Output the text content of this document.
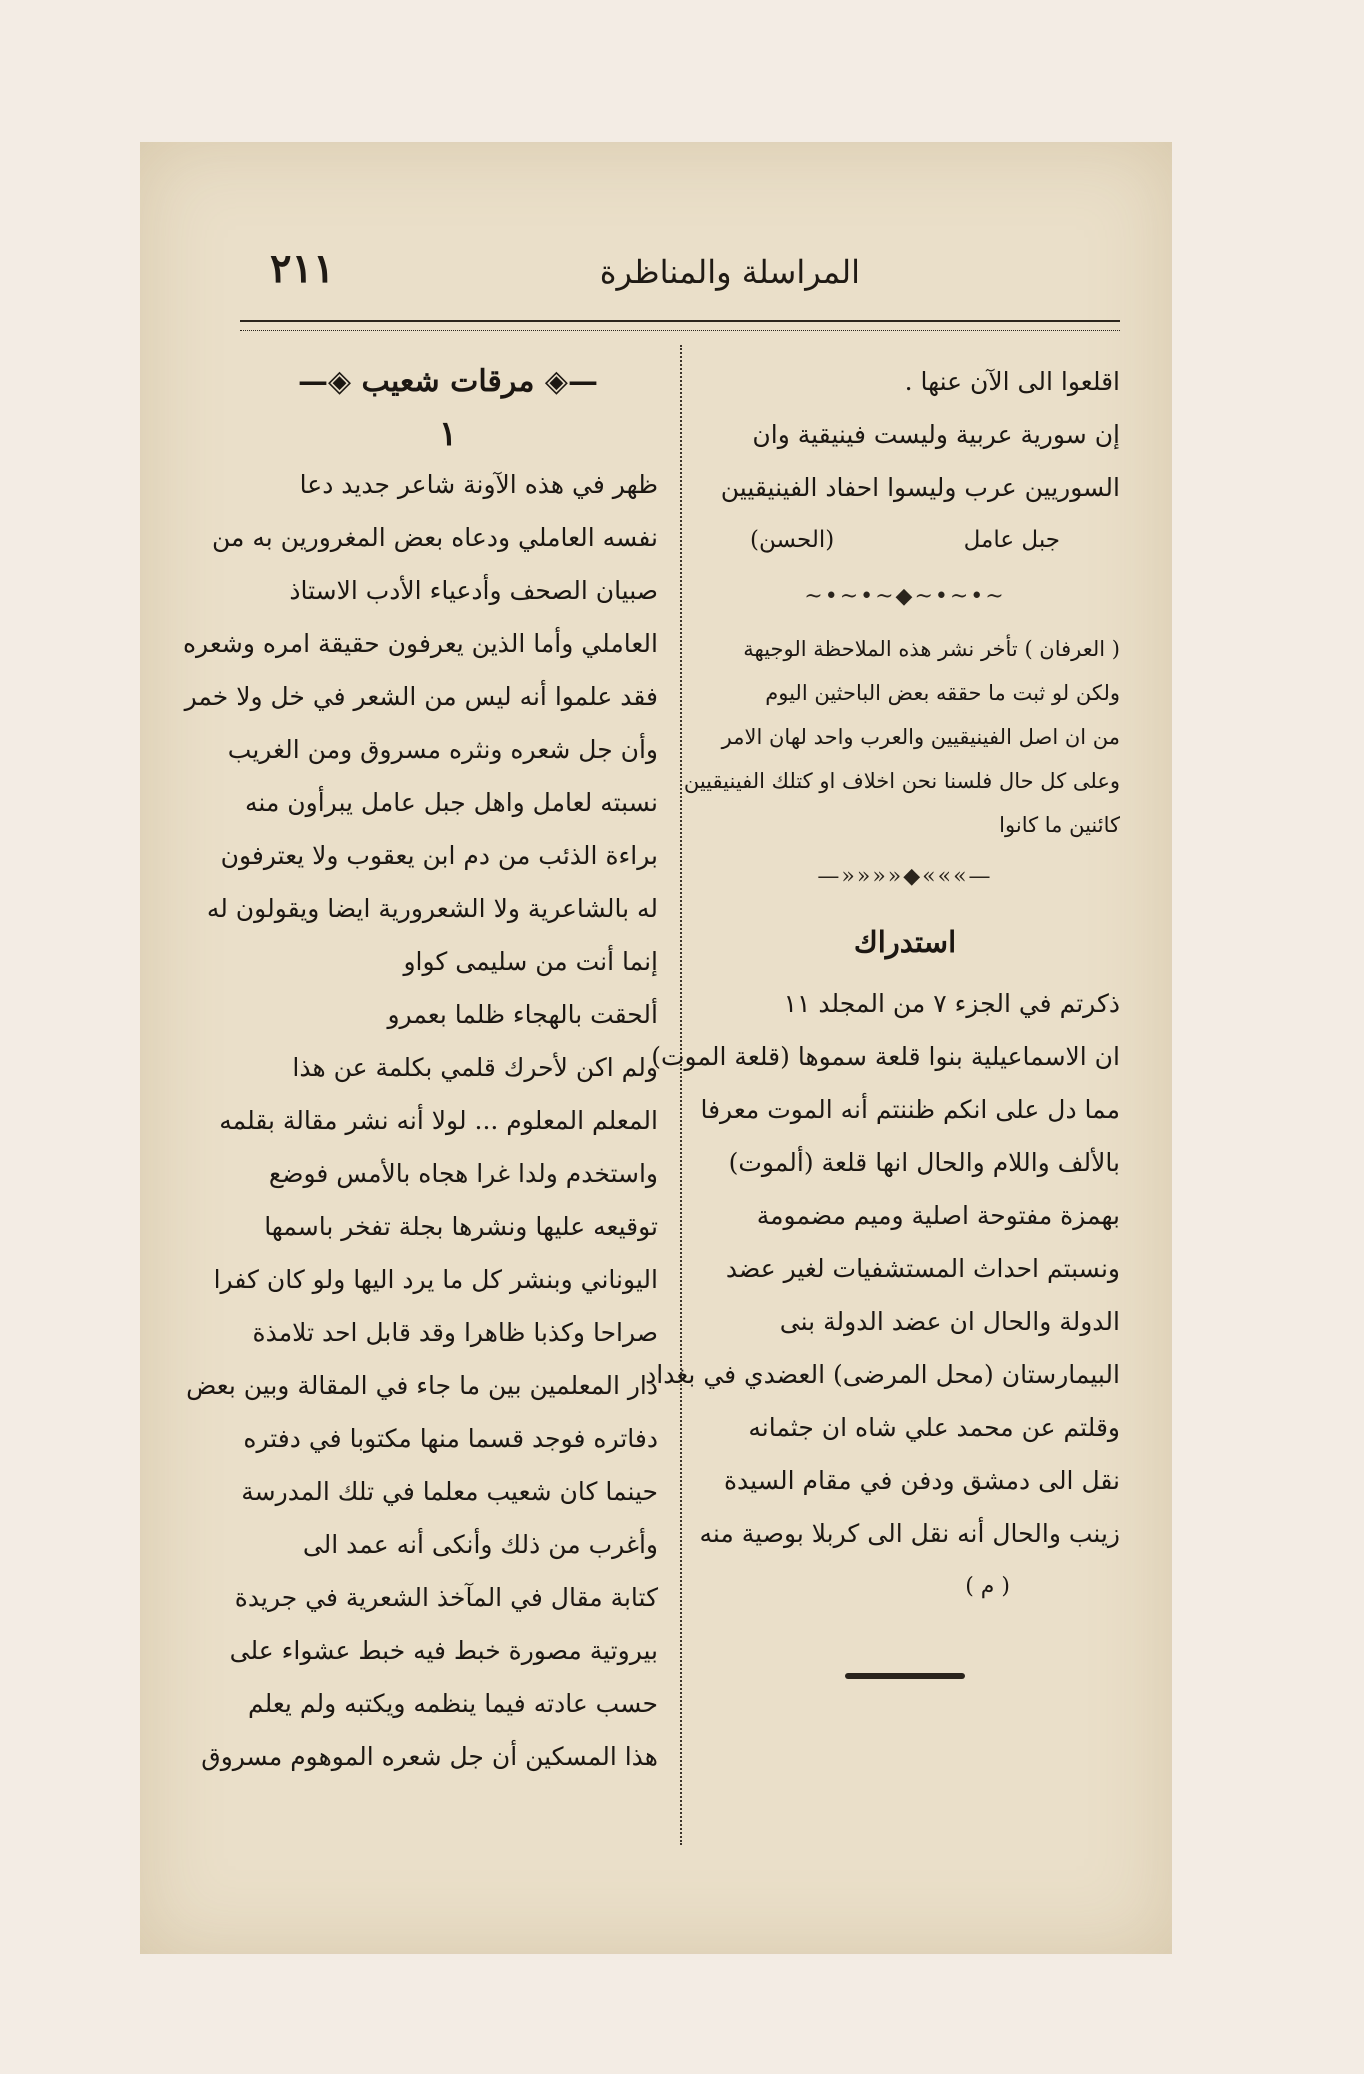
٢١١	المراسلة والمناظرة
—◈ مرقات شعيب ◈—
١
ظهر في هذه الآونة شاعر جديد دعا
نفسه العاملي ودعاه بعض المغرورين به من
صبيان الصحف وأدعياء الأدب الاستاذ
العاملي وأما الذين يعرفون حقيقة امره وشعره
فقد علموا أنه ليس من الشعر في خل ولا خمر
وأن جل شعره ونثره مسروق ومن الغريب
نسبته لعامل واهل جبل عامل يبرأون منه
براءة الذئب من دم ابن يعقوب ولا يعترفون
له بالشاعرية ولا الشعرورية ايضا ويقولون له
إنما أنت من سليمى كواو
ألحقت بالهجاء ظلما بعمرو
ولم اكن لأحرك قلمي بكلمة عن هذا
المعلم المعلوم ... لولا أنه نشر مقالة بقلمه
واستخدم ولدا غرا هجاه بالأمس فوضع
توقيعه عليها ونشرها بجلة تفخر باسمها
اليوناني وبنشر كل ما يرد اليها ولو كان كفرا
صراحا وكذبا ظاهرا وقد قابل احد تلامذة
دار المعلمين بين ما جاء في المقالة وبين بعض
دفاتره فوجد قسما منها مكتوبا في دفتره
حينما كان شعيب معلما في تلك المدرسة
وأغرب من ذلك وأنكى أنه عمد الى
كتابة مقال في المآخذ الشعرية في جريدة
بيروتية مصورة خبط فيه خبط عشواء على
حسب عادته فيما ينظمه ويكتبه ولم يعلم
هذا المسكين أن جل شعره الموهوم مسروق
اقلعوا الى الآن عنها .
إن سورية عربية وليست فينيقية وان
السوريين عرب وليسوا احفاد الفينيقيين
جبل عامل
(الحسن)
~•~•~◆~•~•~
( العرفان ) تأخر نشر هذه الملاحظة الوجيهة
ولكن لو ثبت ما حققه بعض الباحثين اليوم
من ان اصل الفينيقيين والعرب واحد لهان الامر
وعلى كل حال فلسنا نحن اخلاف او كتلك الفينيقيين
كائنين ما كانوا
—»»»◆««««—
استدراك
ذكرتم في الجزء ٧ من المجلد ١١
ان الاسماعيلية بنوا قلعة سموها (قلعة الموت)
مما دل على انكم ظننتم أنه الموت معرفا
بالألف واللام والحال انها قلعة (ألموت)
بهمزة مفتوحة اصلية وميم مضمومة
ونسبتم احداث المستشفيات لغير عضد
الدولة والحال ان عضد الدولة بنى
البيمارستان (محل المرضى) العضدي في بغداد
وقلتم عن محمد علي شاه ان جثمانه
نقل الى دمشق ودفن في مقام السيدة
زينب والحال أنه نقل الى كربلا بوصية منه
( م )
